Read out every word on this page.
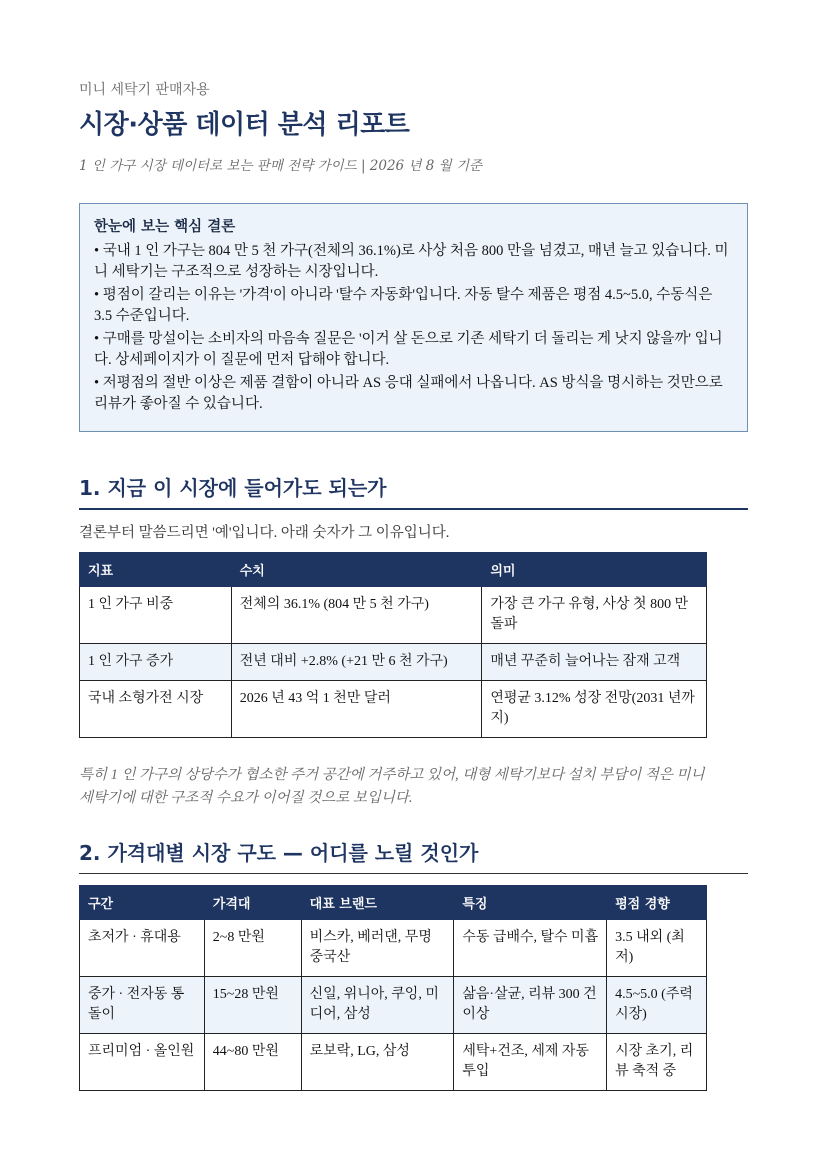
미니 세탁기 판매자용

시장·상품 데이터 분석 리포트

1 인 가구 시장 데이터로 보는 판매 전략 가이드 | 2026 년 8 월 기준

한눈에 보는 핵심 결론

• 국내 1 인 가구는 804 만 5 천 가구(전체의 36.1%)로 사상 처음 800 만을 넘겼고, 매년 늘고 있습니다. 미니 세탁기는 구조적으로 성장하는 시장입니다.

• 평점이 갈리는 이유는 '가격'이 아니라 '탈수 자동화'입니다. 자동 탈수 제품은 평점 4.5~5.0, 수동식은 3.5 수준입니다.

• 구매를 망설이는 소비자의 마음속 질문은 '이거 살 돈으로 기존 세탁기 더 돌리는 게 낫지 않을까' 입니다. 상세페이지가 이 질문에 먼저 답해야 합니다.

• 저평점의 절반 이상은 제품 결함이 아니라 AS 응대 실패에서 나옵니다. AS 방식을 명시하는 것만으로 리뷰가 좋아질 수 있습니다.

1. 지금 이 시장에 들어가도 되는가

결론부터 말씀드리면 '예'입니다. 아래 숫자가 그 이유입니다.

지표	수치	의미
1 인 가구 비중	전체의 36.1% (804 만 5 천 가구)	가장 큰 가구 유형, 사상 첫 800 만 돌파
1 인 가구 증가	전년 대비 +2.8% (+21 만 6 천 가구)	매년 꾸준히 늘어나는 잠재 고객
국내 소형가전 시장	2026 년 43 억 1 천만 달러	연평균 3.12% 성장 전망(2031 년까지)

특히 1 인 가구의 상당수가 협소한 주거 공간에 거주하고 있어, 대형 세탁기보다 설치 부담이 적은 미니 세탁기에 대한 구조적 수요가 이어질 것으로 보입니다.

2. 가격대별 시장 구도 — 어디를 노릴 것인가
구간	가격대	대표 브랜드	특징	평점 경향
초저가 · 휴대용	2~8 만원	비스카, 베러댄, 무명 중국산	수동 급배수, 탈수 미흡	3.5 내외 (최저)
중가 · 전자동 통돌이	15~28 만원	신일, 위니아, 쿠잉, 미디어, 삼성	삶음·살균, 리뷰 300 건 이상	4.5~5.0 (주력 시장)
프리미엄 · 올인원	44~80 만원	로보락, LG, 삼성	세탁+건조, 세제 자동투입	시장 초기, 리뷰 축적 중
